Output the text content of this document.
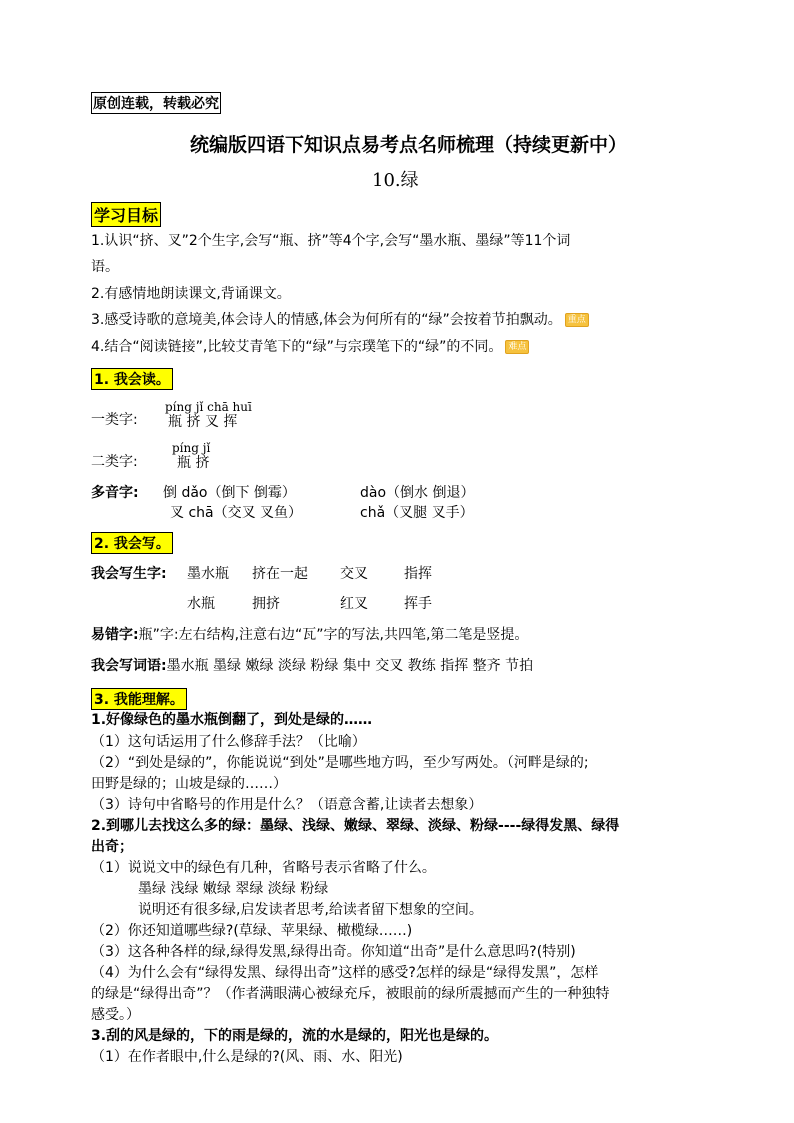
原创连载，转载必究
统编版四语下知识点易考点名师梳理（持续更新中）
10.绿
学习目标
1.认识“挤、叉”2个生字,会写“瓶、挤”等4个字,会写“墨水瓶、墨绿”等11个词
语。
2.有感情地朗读课文,背诵课文。
3.感受诗歌的意境美,体会诗人的情感,体会为何所有的“绿”会按着节拍飘动。 重点
4.结合“阅读链接”,比较艾青笔下的“绿”与宗璞笔下的“绿”的不同。 难点
1. 我会读。
píng jǐ chā huī
一类字: 瓶 挤 叉 挥
píng jǐ
二类字:	瓶 挤
多音字: 倒 dǎo（倒下 倒霉）	dào（倒水 倒退）
叉 chā（交叉 叉鱼）	chǎ（叉腿 叉手）
2. 我会写。
我会写生字: 墨水瓶 挤在一起 交叉	指挥
水瓶	拥挤	红叉	挥手
易错字:瓶”字:左右结构,注意右边“瓦”字的写法,共四笔,第二笔是竖提。
我会写词语:墨水瓶 墨绿 嫩绿 淡绿 粉绿 集中 交叉 教练 指挥 整齐 节拍
3. 我能理解。
1.好像绿色的墨水瓶倒翻了，到处是绿的……
（1）这句话运用了什么修辞手法？（比喻）
（2）“到处是绿的”，你能说说“到处”是哪些地方吗，至少写两处。（河畔是绿的;
田野是绿的；山坡是绿的……）
（3）诗句中省略号的作用是什么？（语意含蓄,让读者去想象）
2.到哪儿去找这么多的绿：墨绿、浅绿、嫩绿、翠绿、淡绿、粉绿----绿得发黑、绿得
出奇；
（1）说说文中的绿色有几种，省略号表示省略了什么。
墨绿 浅绿 嫩绿 翠绿 淡绿 粉绿
说明还有很多绿,启发读者思考,给读者留下想象的空间。
（2）你还知道哪些绿?(草绿、苹果绿、橄榄绿……)
（3）这各种各样的绿,绿得发黑,绿得出奇。你知道“出奇”是什么意思吗?(特别)
（4）为什么会有“绿得发黑、绿得出奇”这样的感受?怎样的绿是“绿得发黑”，怎样
的绿是“绿得出奇”？（作者满眼满心被绿充斥，被眼前的绿所震撼而产生的一种独特
感受。）
3.刮的风是绿的，下的雨是绿的，流的水是绿的，阳光也是绿的。
（1）在作者眼中,什么是绿的?(风、雨、水、阳光)
